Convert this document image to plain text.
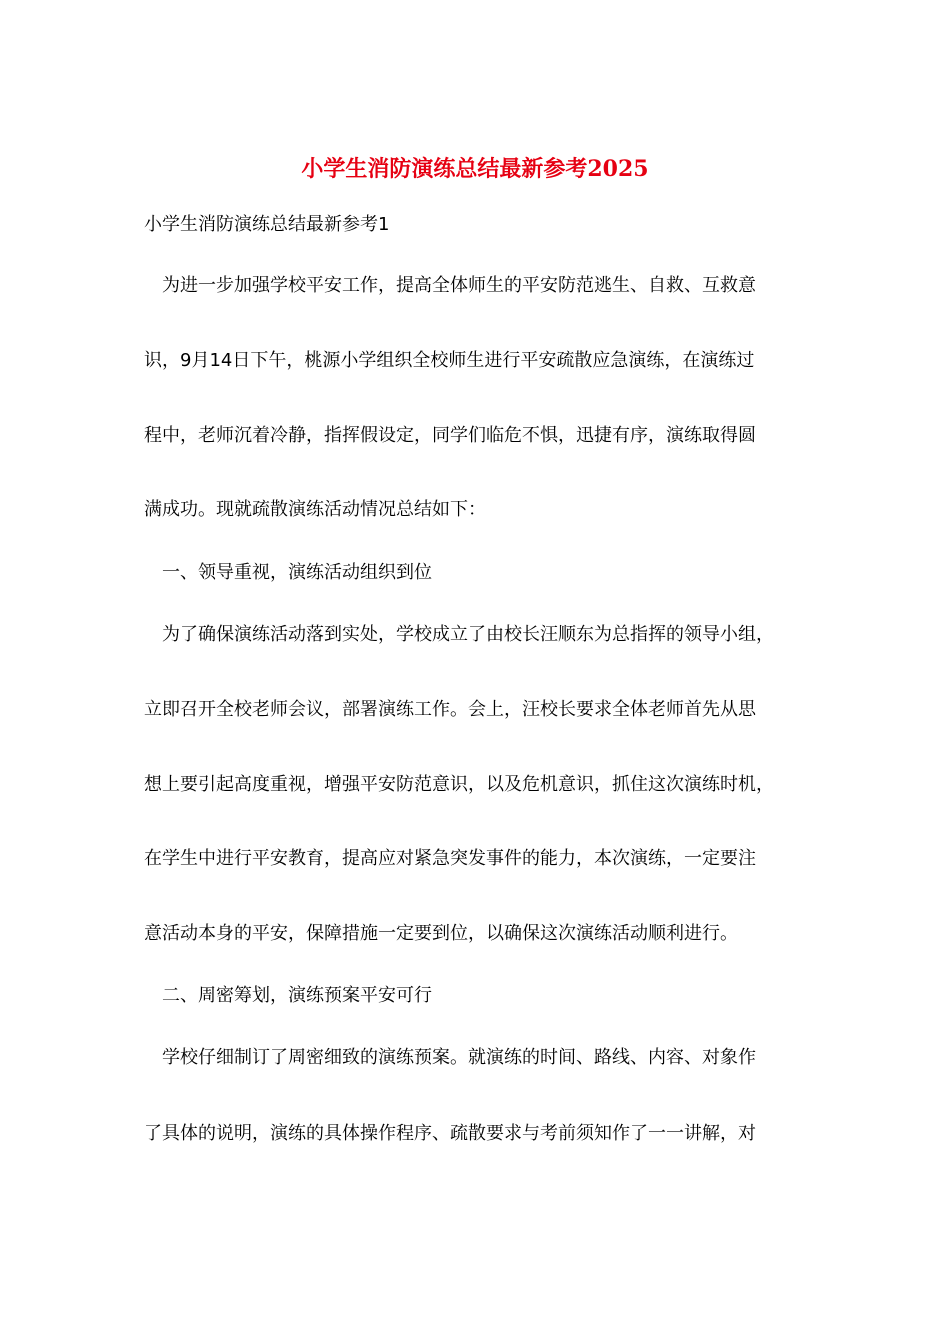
小学生消防演练总结最新参考2025
小学生消防演练总结最新参考1
为进一步加强学校平安工作，提高全体师生的平安防范逃生、自救、互救意
识，9月14日下午，桃源小学组织全校师生进行平安疏散应急演练，在演练过
程中，老师沉着冷静，指挥假设定，同学们临危不惧，迅捷有序，演练取得圆
满成功。现就疏散演练活动情况总结如下：
一、领导重视，演练活动组织到位
为了确保演练活动落到实处，学校成立了由校长汪顺东为总指挥的领导小组，
立即召开全校老师会议，部署演练工作。会上，汪校长要求全体老师首先从思
想上要引起高度重视，增强平安防范意识，以及危机意识，抓住这次演练时机，
在学生中进行平安教育，提高应对紧急突发事件的能力，本次演练，一定要注
意活动本身的平安，保障措施一定要到位，以确保这次演练活动顺利进行。
二、周密筹划，演练预案平安可行
学校仔细制订了周密细致的演练预案。就演练的时间、路线、内容、对象作
了具体的说明，演练的具体操作程序、疏散要求与考前须知作了一一讲解，对
